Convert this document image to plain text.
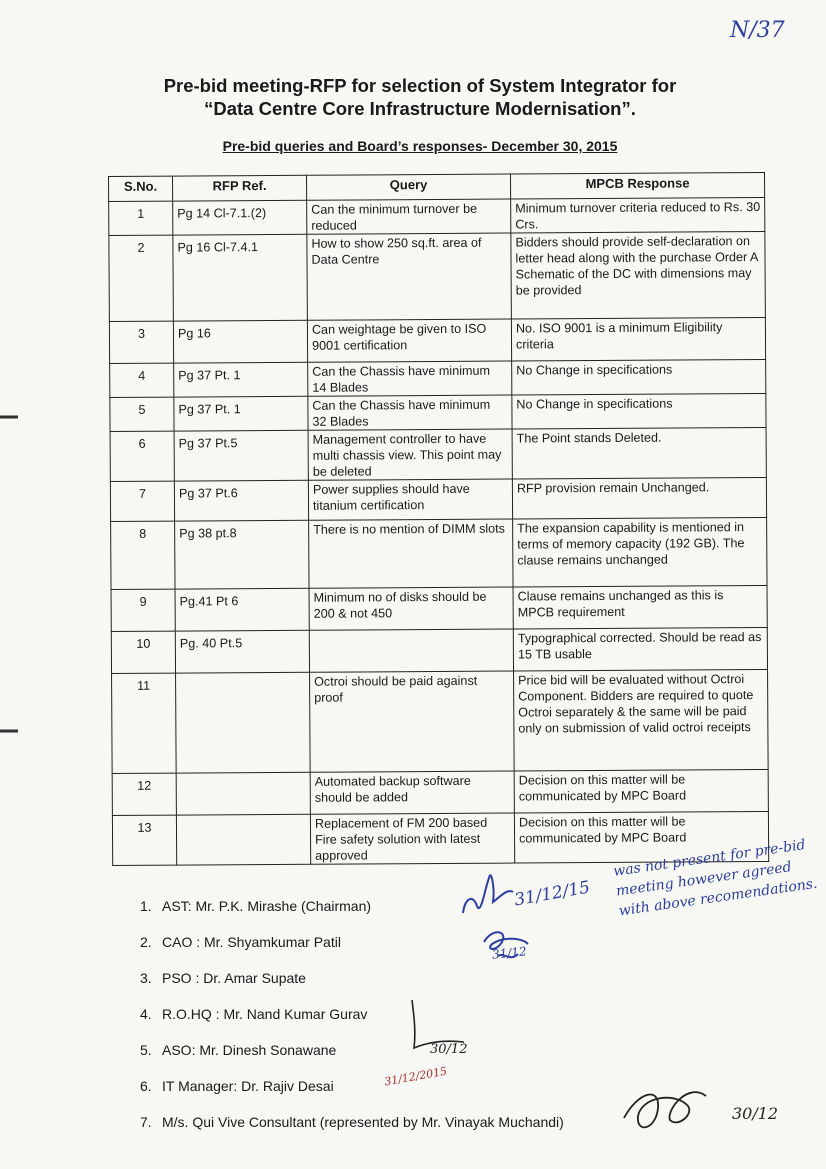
N/37
Pre-bid meeting-RFP for selection of System Integrator for
“Data Centre Core Infrastructure Modernisation”.
Pre-bid queries and Board’s responses- December 30, 2015
S.No.	RFP Ref.	Query	MPCB Response
1	Pg 14 Cl-7.1.(2)	Can the minimum turnover be reduced	Minimum turnover criteria reduced to Rs. 30 Crs.
2	Pg 16 Cl-7.4.1	How to show 250 sq.ft. area of Data Centre	Bidders should provide self-declaration on letter head along with the purchase Order A Schematic of the DC with dimensions may be provided
3	Pg 16	Can weightage be given to ISO 9001 certification	No. ISO 9001 is a minimum Eligibility criteria
4	Pg 37 Pt. 1	Can the Chassis have minimum 14 Blades	No Change in specifications
5	Pg 37 Pt. 1	Can the Chassis have minimum 32 Blades	No Change in specifications
6	Pg 37 Pt.5	Management controller to have multi chassis view. This point may be deleted	The Point stands Deleted.
7	Pg 37 Pt.6	Power supplies should have titanium certification	RFP provision remain Unchanged.
8	Pg 38 pt.8	There is no mention of DIMM slots	The expansion capability is mentioned in terms of memory capacity (192 GB). The clause remains unchanged
9	Pg.41 Pt 6	Minimum no of disks should be 200 & not 450	Clause remains unchanged as this is MPCB requirement
10	Pg. 40 Pt.5		Typographical corrected. Should be read as 15 TB usable
11		Octroi should be paid against proof	Price bid will be evaluated without Octroi Component. Bidders are required to quote Octroi separately & the same will be paid only on submission of valid octroi receipts
12		Automated backup software should be added	Decision on this matter will be communicated by MPC Board
13		Replacement of FM 200 based Fire safety solution with latest approved	Decision on this matter will be communicated by MPC Board
1. AST: Mr. P.K. Mirashe (Chairman)
2. CAO : Mr. Shyamkumar Patil
3. PSO : Dr. Amar Supate
4. R.O.HQ : Mr. Nand Kumar Gurav
5. ASO: Mr. Dinesh Sonawane
6. IT Manager: Dr. Rajiv Desai
7. M/s. Qui Vive Consultant (represented by Mr. Vinayak Muchandi)
31/12/15
31/12
was not present for pre-bid meeting however agreed with above recomendations.
30/12
31/12/2015
30/12
